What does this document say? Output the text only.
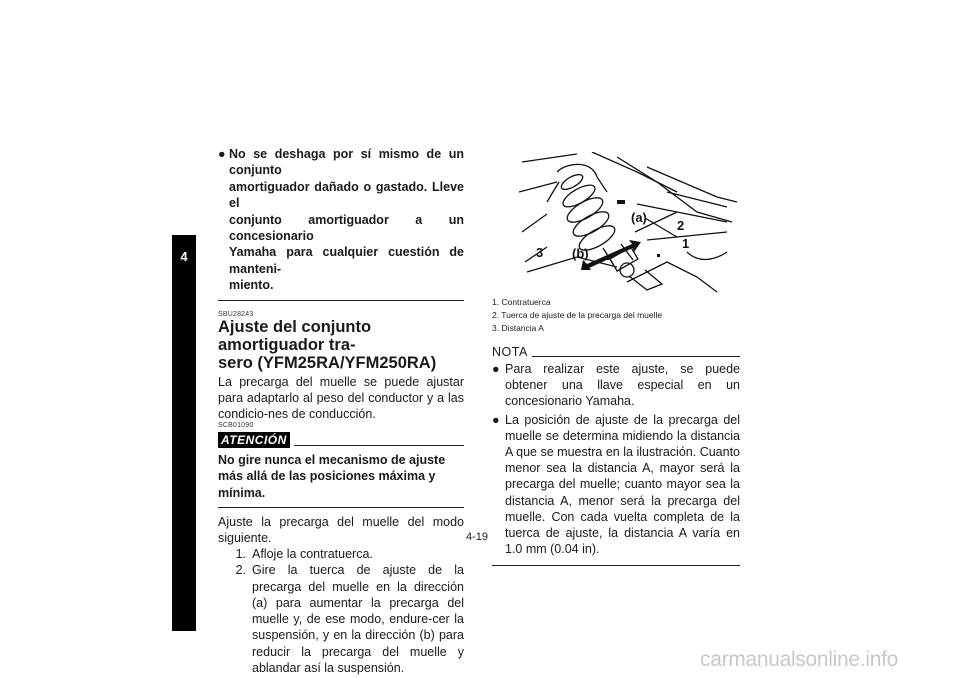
4
● No se deshaga por sí mismo de un conjunto
amortiguador dañado o gastado. Lleve el
conjunto amortiguador a un concesionario
Yamaha para cualquier cuestión de manteni-
miento.
SBU28243
Ajuste del conjunto amortiguador tra-
sero (YFM25RA/YFM250RA)

La precarga del muelle se puede ajustar para adaptarlo al peso del conductor y a las condicio-nes de conducción.

SCB01090
ATENCIÓN
No gire nunca el mecanismo de ajuste más allá de las posiciones máxima y mínima.
Ajuste la precarga del muelle del modo siguiente.
1. Afloje la contratuerca.
2. Gire la tuerca de ajuste de la precarga del muelle en la dirección (a) para aumentar la precarga del muelle y, de ese modo, endure-cer la suspensión, y en la dirección (b) para reducir la precarga del muelle y ablandar así la suspensión.
(a)
(b)
2
1
3
1. Contratuerca
2. Tuerca de ajuste de la precarga del muelle
3. Distancia A
NOTA
● Para realizar este ajuste, se puede obtener una llave especial en un concesionario Yamaha.
● La posición de ajuste de la precarga del muelle se determina midiendo la distancia A que se muestra en la ilustración. Cuanto menor sea la distancia A, mayor será la precarga del muelle; cuanto mayor sea la distancia A, menor será la precarga del muelle. Con cada vuelta completa de la tuerca de ajuste, la distancia A varía en 1.0 mm (0.04 in).
4-19
carmanualsonline.info
